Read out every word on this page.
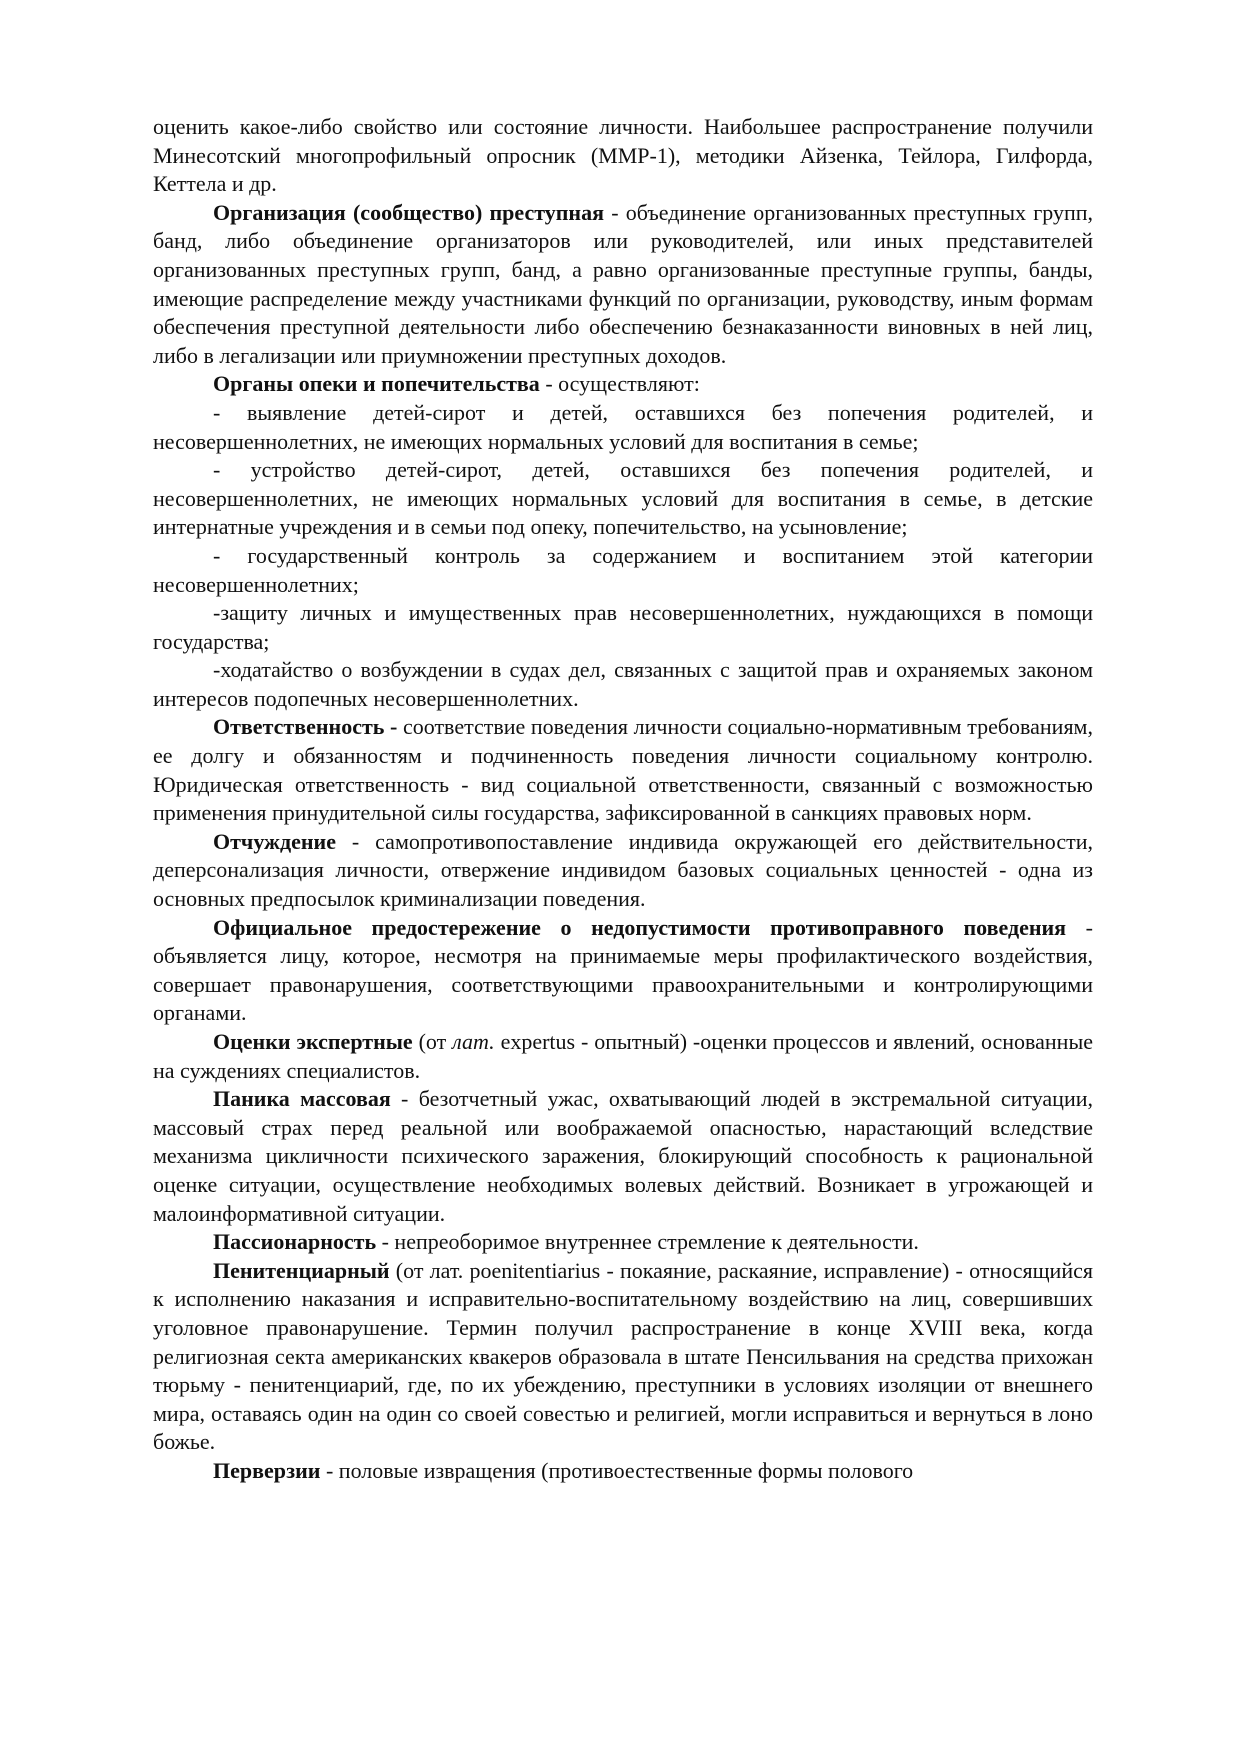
оценить какое-либо свойство или состояние личности. Наибольшее распространение получили Минесотский многопрофильный опросник (ММР-1), методики Айзенка, Тейлора, Гилфорда, Кеттела и др.

Организация (сообщество) преступная - объединение организованных преступных групп, банд, либо объединение организаторов или руководителей, или иных представителей организованных преступных групп, банд, а равно организованные преступные группы, банды, имеющие распределение между участниками функций по организации, руководству, иным формам обеспечения преступной деятельности либо обеспечению безнаказанности виновных в ней лиц, либо в легализации или приумножении преступных доходов.

Органы опеки и попечительства - осуществляют:

- выявление детей-сирот и детей, оставшихся без попечения родителей, и несовершеннолетних, не имеющих нормальных условий для воспитания в семье;

- устройство детей-сирот, детей, оставшихся без попечения родителей, и несовершеннолетних, не имеющих нормальных условий для воспитания в семье, в детские интернатные учреждения и в семьи под опеку, попечительство, на усыновление;

- государственный контроль за содержанием и воспитанием этой категории несовершеннолетних;

-защиту личных и имущественных прав несовершеннолетних, нуждающихся в помощи государства;

-ходатайство о возбуждении в судах дел, связанных с защитой прав и охраняемых законом интересов подопечных несовершеннолетних.

Ответственность - соответствие поведения личности социально-нормативным требованиям, ее долгу и обязанностям и подчиненность поведения личности социальному контролю. Юридическая ответственность - вид социальной ответственности, связанный с возможностью применения принудительной силы государства, зафиксированной в санкциях правовых норм.

Отчуждение - самопротивопоставление индивида окружающей его действительности, деперсонализация личности, отвержение индивидом базовых социальных ценностей - одна из основных предпосылок криминализации поведения.

Официальное предостережение о недопустимости противоправного поведения - объявляется лицу, которое, несмотря на принимаемые меры профилактического воздействия, совершает правонарушения, соответствующими правоохранительными и контролирующими органами.

Оценки экспертные (от лат. expertus - опытный) -оценки процессов и явлений, основанные на суждениях специалистов.

Паника массовая - безотчетный ужас, охватывающий людей в экстремальной ситуации, массовый страх перед реальной или воображаемой опасностью, нарастающий вследствие механизма цикличности психического заражения, блокирующий способность к рациональной оценке ситуации, осуществление необходимых волевых действий. Возникает в угрожающей и малоинформативной ситуации.

Пассионарность - непреоборимое внутреннее стремление к деятельности.

Пенитенциарный (от лат. poenitentiarius - покаяние, раскаяние, исправление) - относящийся к исполнению наказания и исправительно-воспитательному воздействию на лиц, совершивших уголовное правонарушение. Термин получил распространение в конце XVIII века, когда религиозная секта американских квакеров образовала в штате Пенсильвания на средства прихожан тюрьму - пенитенциарий, где, по их убеждению, преступники в условиях изоляции от внешнего мира, оставаясь один на один со своей совестью и религией, могли исправиться и вернуться в лоно божье.

Перверзии - половые извращения (противоестественные формы полового
